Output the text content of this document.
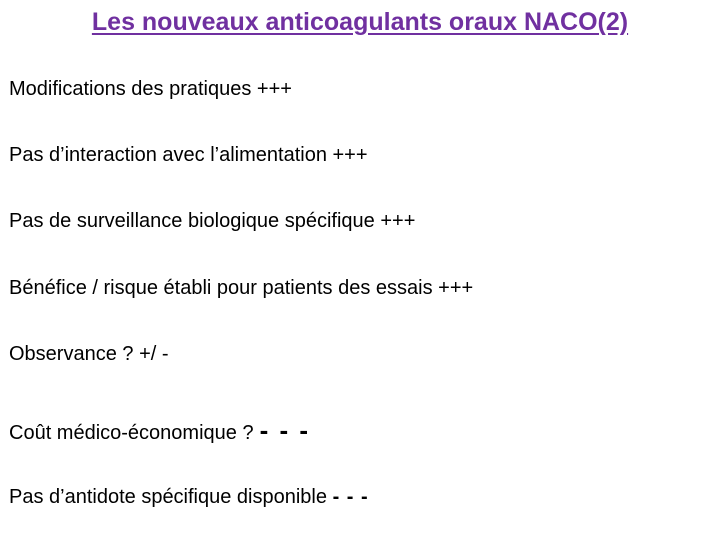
Les nouveaux anticoagulants oraux NACO(2)
Modifications des pratiques +++
Pas d’interaction avec l’alimentation +++
Pas de surveillance biologique spécifique +++
Bénéfice / risque établi pour patients des essais +++
Observance ? +/ -
Coût médico-économique ? - - -
Pas d’antidote spécifique disponible - - -
